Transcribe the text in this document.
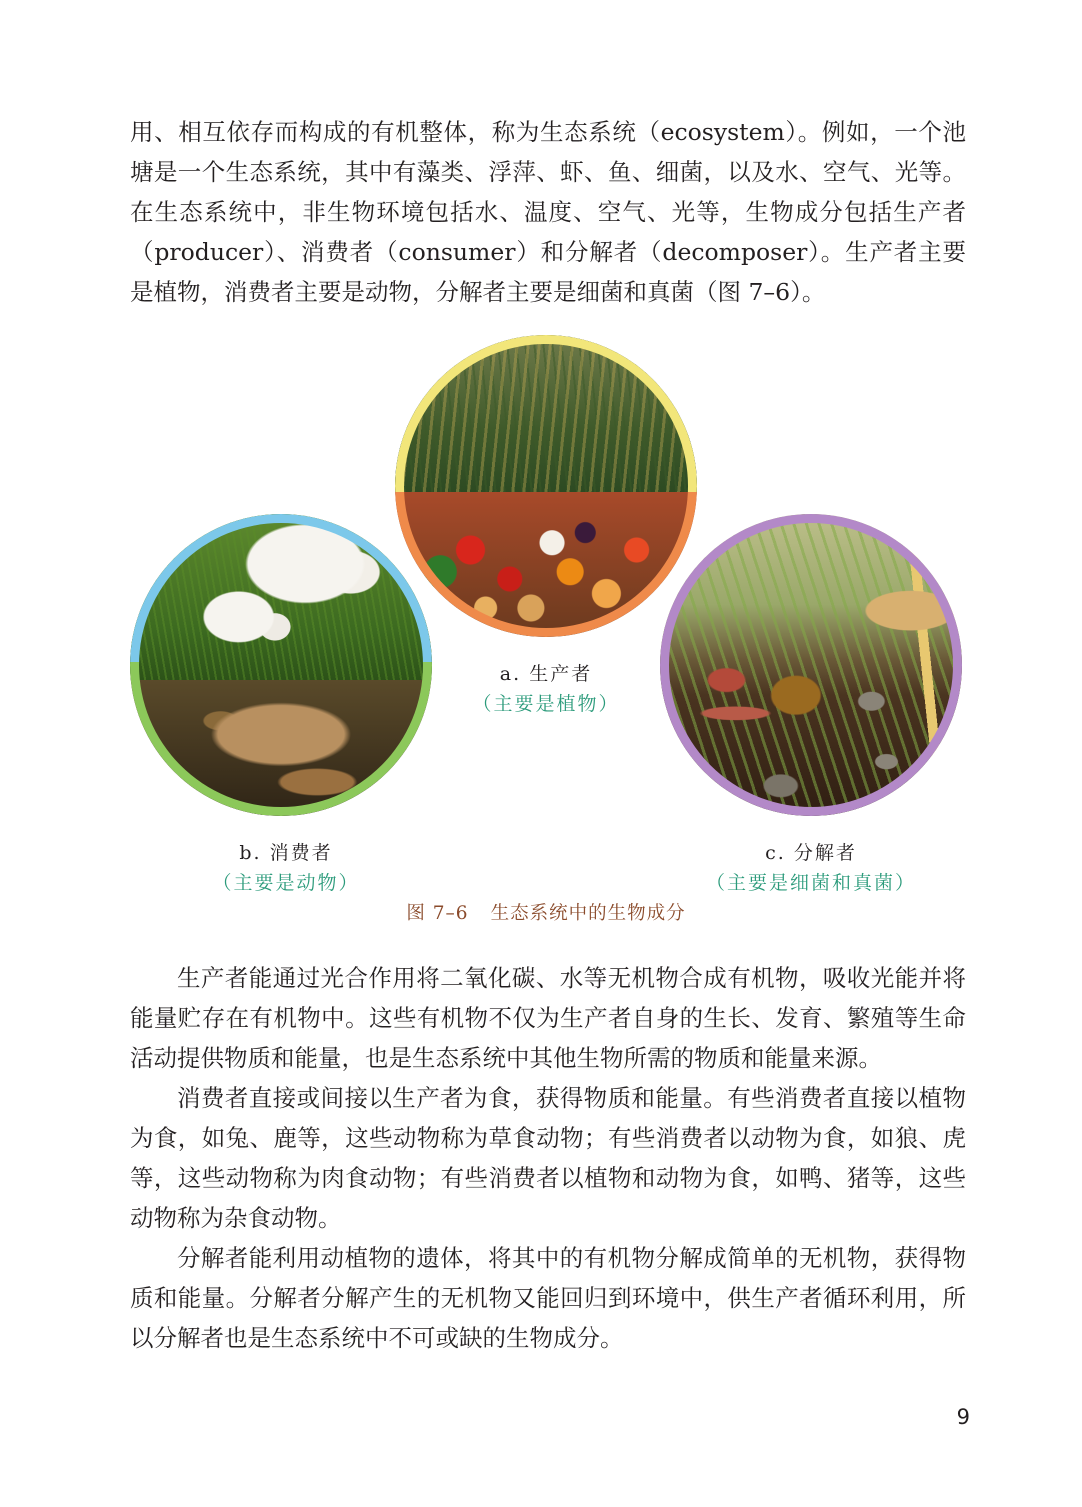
用、相互依存而构成的有机整体，称为生态系统（ecosystem）。例如，一个池塘是一个生态系统，其中有藻类、浮萍、虾、鱼、细菌，以及水、空气、光等。在生态系统中，非生物环境包括水、温度、空气、光等，生物成分包括生产者（producer）、消费者（consumer）和分解者（decomposer）。生产者主要是植物，消费者主要是动物，分解者主要是细菌和真菌（图 7–6）。

a. 生产者
（主要是植物）

b. 消费者
（主要是动物）

c. 分解者
（主要是细菌和真菌）

图 7–6 生态系统中的生物成分

生产者能通过光合作用将二氧化碳、水等无机物合成有机物，吸收光能并将能量贮存在有机物中。这些有机物不仅为生产者自身的生长、发育、繁殖等生命活动提供物质和能量，也是生态系统中其他生物所需的物质和能量来源。

消费者直接或间接以生产者为食，获得物质和能量。有些消费者直接以植物为食，如兔、鹿等，这些动物称为草食动物；有些消费者以动物为食，如狼、虎等，这些动物称为肉食动物；有些消费者以植物和动物为食，如鸭、猪等，这些动物称为杂食动物。

分解者能利用动植物的遗体，将其中的有机物分解成简单的无机物，获得物质和能量。分解者分解产生的无机物又能回归到环境中，供生产者循环利用，所以分解者也是生态系统中不可或缺的生物成分。

9
